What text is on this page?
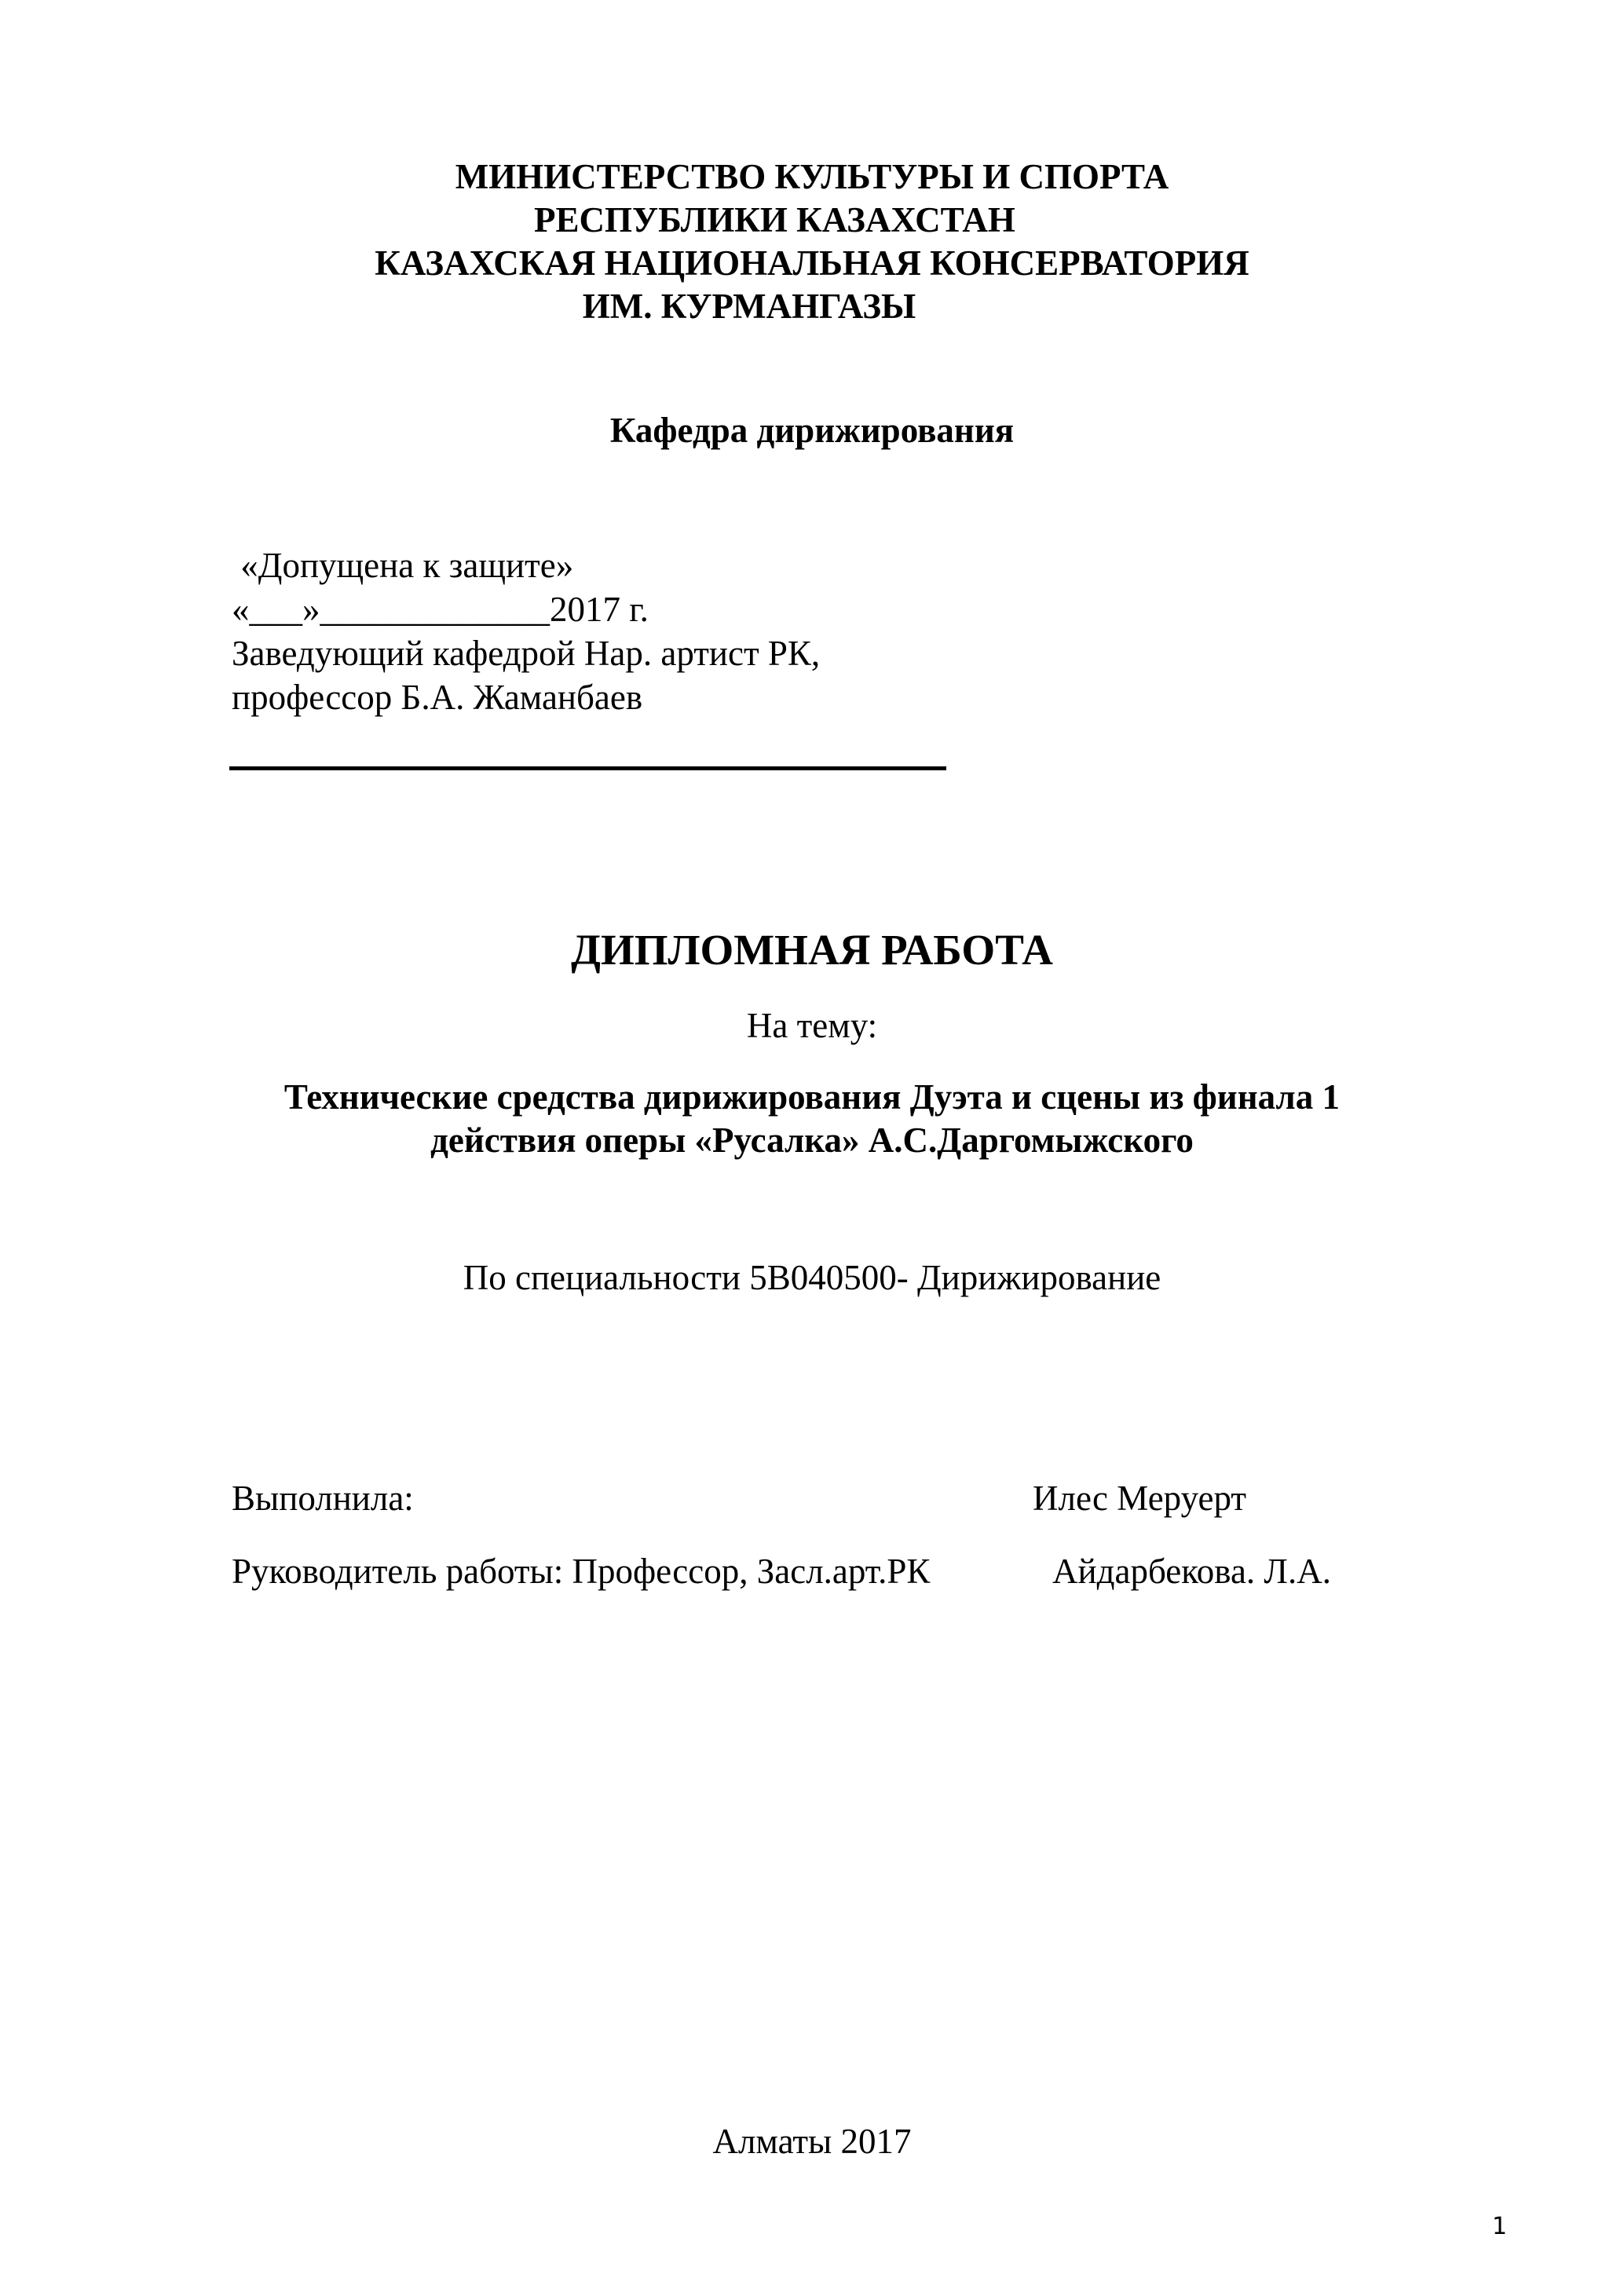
МИНИСТЕРСТВО КУЛЬТУРЫ И СПОРТА
РЕСПУБЛИКИ КАЗАХСТАН
КАЗАХСКАЯ НАЦИОНАЛЬНАЯ КОНСЕРВАТОРИЯ
ИМ. КУРМАНГАЗЫ
Кафедра дирижирования
«Допущена к защите»
«___»_____________2017 г.
Заведующий кафедрой Нар. артист РК,
профессор Б.А. Жаманбаев
ДИПЛОМНАЯ РАБОТА
На тему:
Технические средства дирижирования Дуэта и сцены из финала 1
действия оперы «Русалка» А.С.Даргомыжского
По специальности 5В040500- Дирижирование
Выполнила:	Илес Меруерт
Руководитель работы: Профессор, Засл.арт.РК	Айдарбекова. Л.А.
Алматы 2017
1
